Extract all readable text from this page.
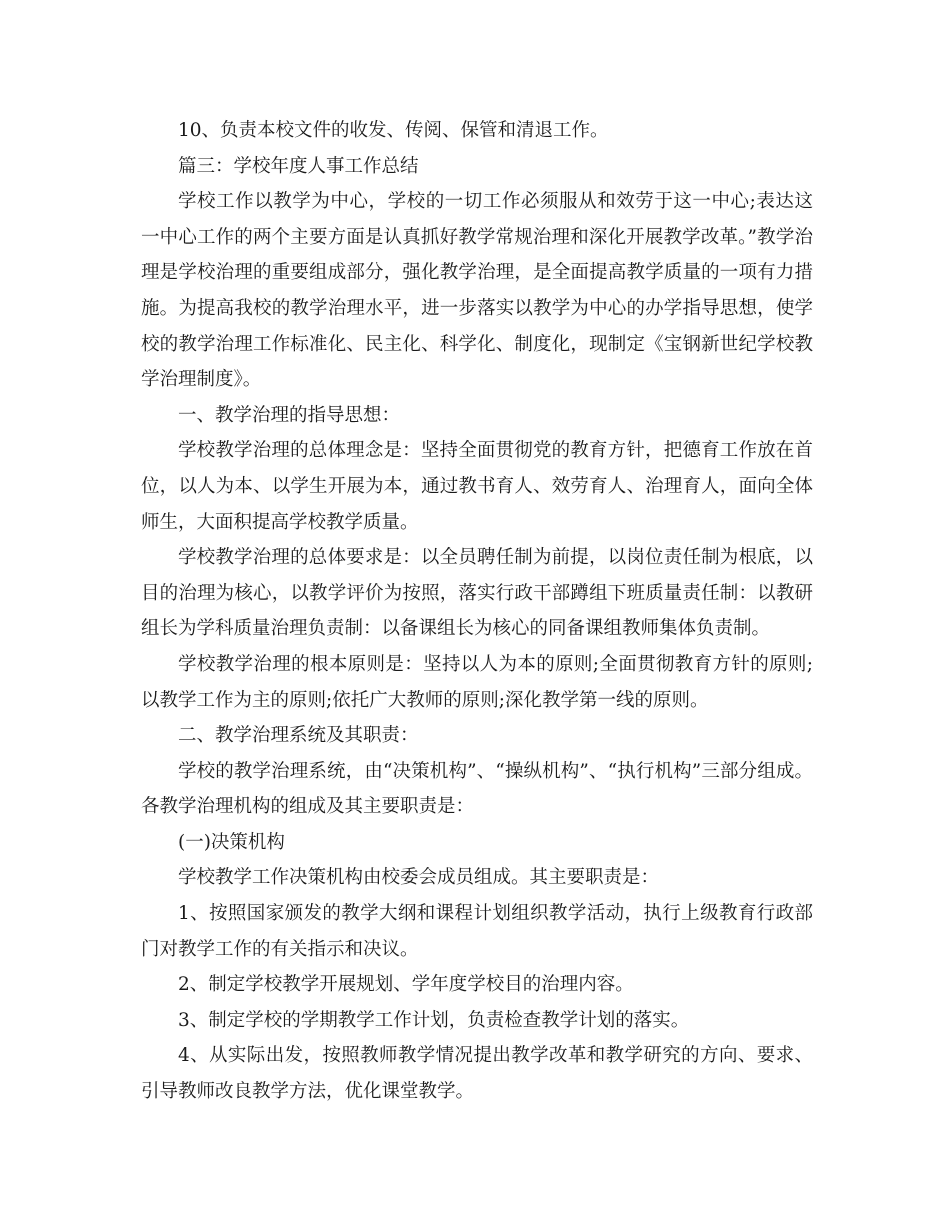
10、负责本校文件的收发、传阅、保管和清退工作。

篇三：学校年度人事工作总结

学校工作以教学为中心，学校的一切工作必须服从和效劳于这一中心;表达这一中心工作的两个主要方面是认真抓好教学常规治理和深化开展教学改革。”教学治理是学校治理的重要组成部分，强化教学治理，是全面提高教学质量的一项有力措施。为提高我校的教学治理水平，进一步落实以教学为中心的办学指导思想，使学校的教学治理工作标准化、民主化、科学化、制度化，现制定《宝钢新世纪学校教学治理制度》。

一、教学治理的指导思想：

学校教学治理的总体理念是：坚持全面贯彻党的教育方针，把德育工作放在首位，以人为本、以学生开展为本，通过教书育人、效劳育人、治理育人，面向全体师生，大面积提高学校教学质量。

学校教学治理的总体要求是：以全员聘任制为前提，以岗位责任制为根底，以目的治理为核心，以教学评价为按照，落实行政干部蹲组下班质量责任制：以教研组长为学科质量治理负责制：以备课组长为核心的同备课组教师集体负责制。

学校教学治理的根本原则是：坚持以人为本的原则;全面贯彻教育方针的原则;以教学工作为主的原则;依托广大教师的原则;深化教学第一线的原则。

二、教学治理系统及其职责：

学校的教学治理系统，由“决策机构”、“操纵机构”、“执行机构”三部分组成。各教学治理机构的组成及其主要职责是：

(一)决策机构

学校教学工作决策机构由校委会成员组成。其主要职责是：

1、按照国家颁发的教学大纲和课程计划组织教学活动，执行上级教育行政部门对教学工作的有关指示和决议。

2、制定学校教学开展规划、学年度学校目的治理内容。

3、制定学校的学期教学工作计划，负责检查教学计划的落实。

4、从实际出发，按照教师教学情况提出教学改革和教学研究的方向、要求、引导教师改良教学方法，优化课堂教学。
